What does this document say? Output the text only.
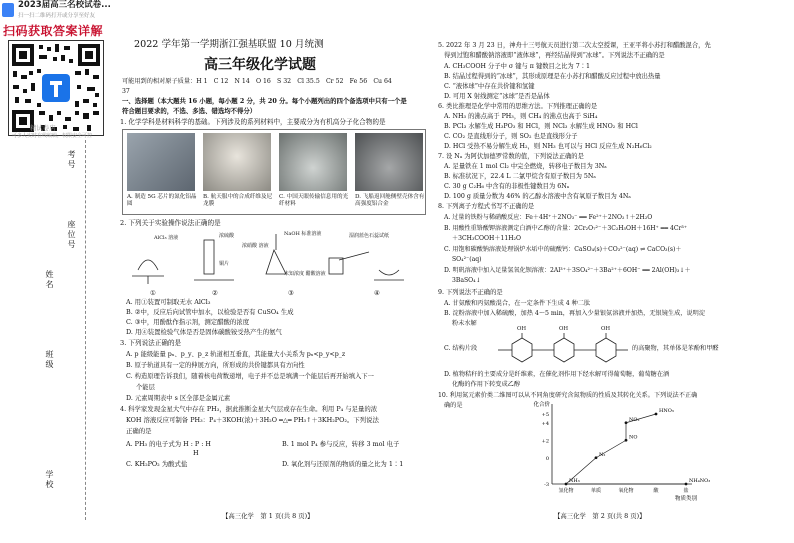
2023届高三名校试卷...
扫一扫二维码打开或分享至好友
扫码获取答案详解
精试卷店
可多人实时在线编辑，权限安全可控
考号
座位号
姓名
班级
学校
2022 学年第一学期浙江强基联盟 10 月统测
高三年级化学试题
可能用到的相对原子质量：H 1　C 12　N 14　O 16　S 32　Cl 35.5　Cr 52　Fe 56　Cu 64
37
一、选择题（本大题共 16 小题，每小题 2 分，共 20 分。每个小题列出的四个备选项中只有一个是
符合题目要求的，不选、多选、错选均不得分）
1. 化学学科是材料科学的基础。下列涉及的系列材料中，主要成分为有机高分子化合物的是
A. 制造 5G 芯片的氮化铝晶圆
B. 航天服中的合成纤维及尼龙膜
C. 中国天眼传输信息用的光纤材料
D. 飞船返回舱侧壁壳体含有高强度铝合金
2. 下列关于实验操作说法正确的是
AlCl₃ 溶液	浓硫酸
铜片
浓硝酸 溶液
NaOH 标准溶液
未知浓度 醋酸溶液
湿润蓝色石蕊试纸
①	②	③	④
A. 用①装置可制取无水 AlCl₃
B. ②中，反应后向试管中加水，以检验是否有 CuSO₄ 生成
C. ③中，用酚酞作指示剂，测定醋酸的浓度
D. 用④装置检验气体是否是固体碳酸铵受热产生的氨气
3. 下列说法正确的是
A. p 能级能量 pₓ、p_y、p_z 轨道相互垂直，其能量大小关系为 pₓ<p_y<p_z
B. 原子轨道具有一定的伸展方向，所形成的共价键都具有方向性
C. 构造原理告诉我们，随着核电荷数递增，电子并不总是填满一个能层后再开始填入下一
个能层
D. 元素周期表中 s 区全部是金属元素
4. 科学家发现金星大气中存在 PH₃，据此推断金星大气层或存在生命。利用 P₄ 与足量的浓
KOH 溶液反应可制备 PH₃：P₄＋3KOH(浓)＋3H₂O ═△═ PH₃↑＋3KH₂PO₂。下列说法
正确的是
A. PH₃ 的电子式为 H : P : H
H
B. 1 mol P₄ 参与反应，转移 3 mol 电子
C. KH₂PO₂ 为酸式盐	D. 氧化剂与还原剂的物质的量之比为 1∶1
【高三化学　第 1 页(共 8 页)】
5. 2022 年 3 月 23 日，神舟十三号航天员进行第二次太空授课，王亚平将小苏打和醋酸混合，先
得到过饱和醋酸钠溶液即“液体球”，再经结晶得到“冰球”。下列说法不正确的是
A. CH₃COOH 分子中 σ 键与 π 键数目之比为 7∶1
B. 结晶过程得到的“冰球”，其形成原理是在小苏打和醋酸反应过程中放出热量
C. “液体球”中存在共价键和氢键
D. 可用 X 射线测定“冰球”是否是晶体
6. 类比推理是化学中常用的思维方法。下列推理正确的是
A. NH₃ 的沸点高于 PH₃，则 CH₄ 的沸点也高于 SiH₄
B. PCl₃ 水解生成 H₃PO₃ 和 HCl，则 NCl₃ 水解生成 HNO₂ 和 HCl
C. CO₂ 是直线形分子，则 SO₂ 也是直线形分子
D. HCl 受热不易分解生成 H₂，则 NH₃ 也可以与 HCl 反应生成 N₂H₆Cl₂
7. 设 Nₐ 为阿伏加德罗常数的值，下列说法正确的是
A. 足量铁在 1 mol Cl₂ 中完全燃烧，转移电子数目为 3Nₐ
B. 标准状况下，22.4 L 二氯甲烷含有原子数目为 5Nₐ
C. 30 g C₂H₆ 中含有的非极性键数目为 6Nₐ
D. 100 g 质量分数为 46% 的乙醇水溶液中含有氧原子数目为 4Nₐ
8. 下列离子方程式书写不正确的是
A. 过量的铁粉与稀硝酸反应：Fe＋4H⁺＋2NO₃⁻ ══ Fe²⁺＋2NO₂↑＋2H₂O
B. 用酸性重铬酸钾溶液测定白酒中乙醇的含量：2Cr₂O₇²⁻＋3C₂H₅OH＋16H⁺ ══ 4Cr³⁺
＋3CH₃COOH＋11H₂O
C. 用饱和碳酸钠溶液处理锅炉水垢中的硫酸钙：CaSO₄(s)＋CO₃²⁻(aq) ⇌ CaCO₃(s)＋
SO₄²⁻(aq)
D. 明矾溶液中加入足量氢氧化钡溶液：2Al³⁺＋3SO₄²⁻＋3Ba²⁺＋6OH⁻ ══ 2Al(OH)₃↓＋
3BaSO₄↓
9. 下列说法不正确的是
A. 甘氨酸和丙氨酸混合，在一定条件下生成 4 种二肽
B. 淀粉溶液中加入稀硫酸，加热 4～5 min，再加入少量银氨溶液并加热，无银镜生成，说明淀
粉未水解
C. 结构片段
OH	OH	OH
的高聚物，其单体是苯酚和甲醛
D. 植物秸秆的主要成分是纤维素，在催化剂作用下经水解可得葡萄糖，葡萄糖在酒
化酶的作用下转变成乙醇
10. 利用氮元素价类二维图可以从不同角度研究含氮物质的性质及其转化关系。下列说法不正确
确的是	化合价
物质类别
+5
+4
+2
0
-3
氢化物	单质	氧化物	酸	盐
N₂
NO
NO₂
HNO₃
NH₃	NH₄NO₃
【高三化学　第 2 页(共 8 页)】
